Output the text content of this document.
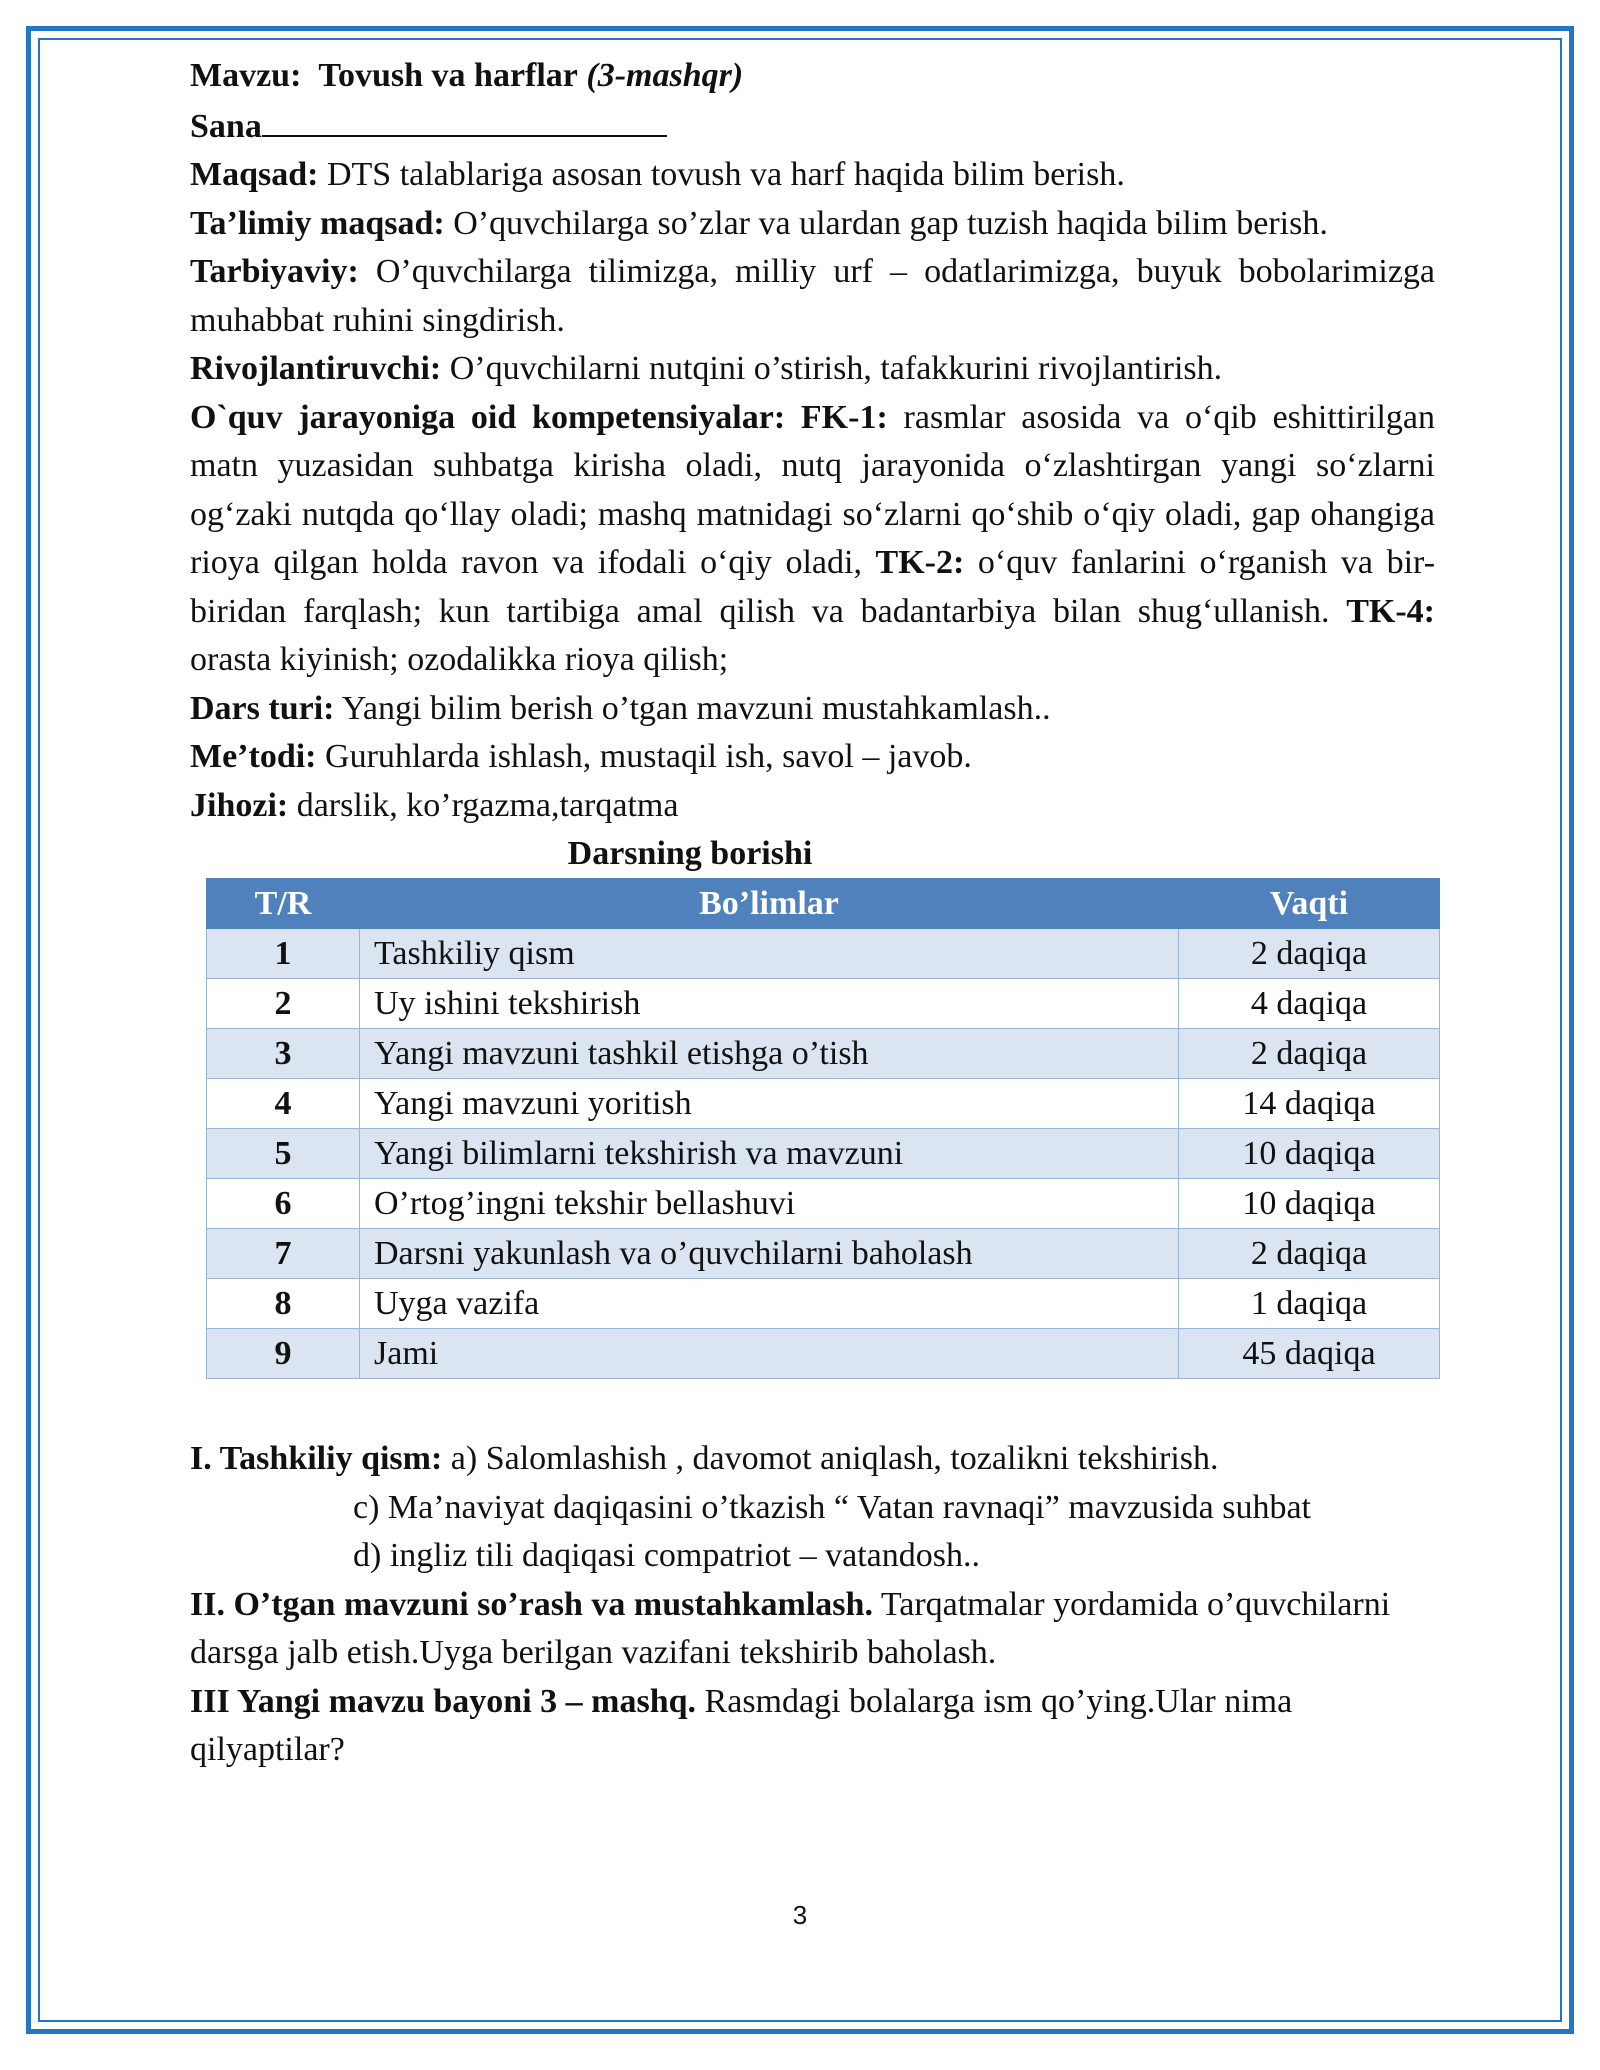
Mavzu: Tovush va harflar (3-mashqr)

Sana

Maqsad: DTS talablariga asosan tovush va harf haqida bilim berish.

Ta’limiy maqsad: O’quvchilarga so’zlar va ulardan gap tuzish haqida bilim berish.

Tarbiyaviy: O’quvchilarga tilimizga, milliy urf – odatlarimizga, buyuk bobolarimizga muhabbat ruhini singdirish.

Rivojlantiruvchi: O’quvchilarni nutqini o’stirish, tafakkurini rivojlantirish.

O`quv jarayoniga oid kompetensiyalar: FK-1: rasmlar asosida va oʻqib eshittirilgan matn yuzasidan suhbatga kirisha oladi, nutq jarayonida oʻzlashtirgan yangi soʻzlarni ogʻzaki nutqda qoʻllay oladi; mashq matnidagi soʻzlarni qoʻshib oʻqiy oladi, gap ohangiga rioya qilgan holda ravon va ifodali oʻqiy oladi, TK-2: oʻquv fanlarini oʻrganish va bir-biridan farqlash; kun tartibiga amal qilish va badantarbiya bilan shugʻullanish. TK-4: orasta kiyinish; ozodalikka rioya qilish;

Dars turi: Yangi bilim berish o’tgan mavzuni mustahkamlash..

Me’todi: Guruhlarda ishlash, mustaqil ish, savol – javob.

Jihozi: darslik, ko’rgazma,tarqatma

Darsning borishi

T/R	Bo’limlar	Vaqti
1	Tashkiliy qism	2 daqiqa
2	Uy ishini tekshirish	4 daqiqa
3	Yangi mavzuni tashkil etishga o’tish	2 daqiqa
4	Yangi mavzuni yoritish	14 daqiqa
5	Yangi bilimlarni tekshirish va mavzuni	10 daqiqa
6	O’rtog’ingni tekshir bellashuvi	10 daqiqa
7	Darsni yakunlash va o’quvchilarni baholash	2 daqiqa
8	Uyga vazifa	1 daqiqa
9	Jami	45 daqiqa

I. Tashkiliy qism: a) Salomlashish , davomot aniqlash, tozalikni tekshirish.

c) Ma’naviyat daqiqasini o’tkazish “ Vatan ravnaqi” mavzusida suhbat

d) ingliz tili daqiqasi compatriot – vatandosh..

II. O’tgan mavzuni so’rash va mustahkamlash. Tarqatmalar yordamida o’quvchilarni darsga jalb etish.Uyga berilgan vazifani tekshirib baholash.

III Yangi mavzu bayoni 3 – mashq. Rasmdagi bolalarga ism qo’ying.Ular nima qilyaptilar?

3
